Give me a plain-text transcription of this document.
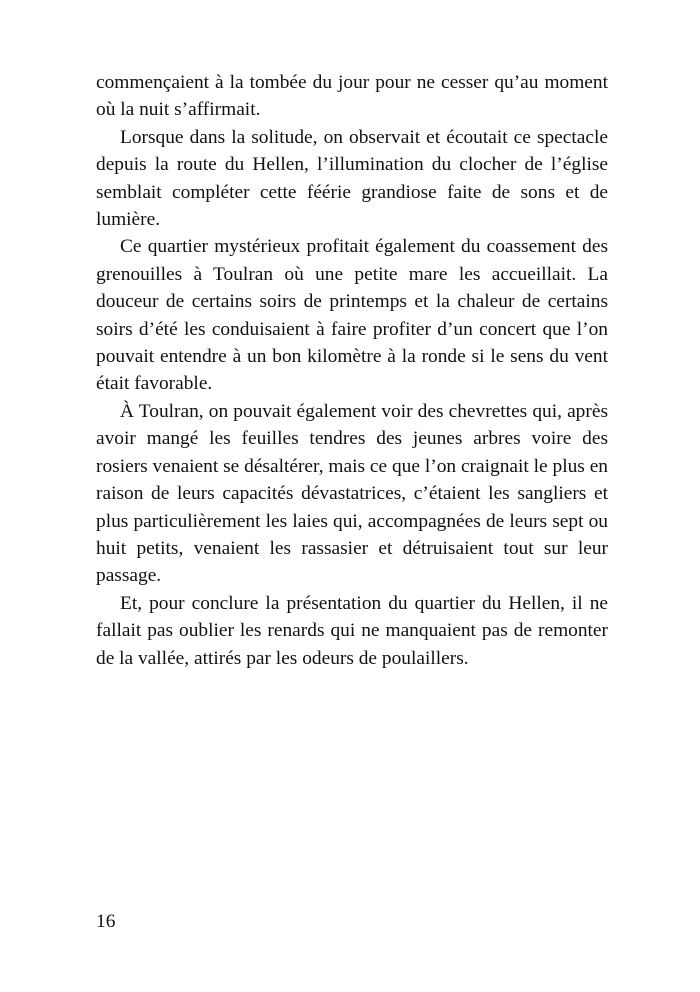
commençaient à la tombée du jour pour ne cesser qu’au moment où la nuit s’affirmait.

Lorsque dans la solitude, on observait et écoutait ce spectacle depuis la route du Hellen, l’illumination du clocher de l’église semblait compléter cette féérie grandiose faite de sons et de lumière.

Ce quartier mystérieux profitait également du coassement des grenouilles à Toulran où une petite mare les accueillait. La douceur de certains soirs de printemps et la chaleur de certains soirs d’été les conduisaient à faire profiter d’un concert que l’on pouvait entendre à un bon kilomètre à la ronde si le sens du vent était favorable.

À Toulran, on pouvait également voir des chevrettes qui, après avoir mangé les feuilles tendres des jeunes arbres voire des rosiers venaient se désaltérer, mais ce que l’on craignait le plus en raison de leurs capacités dévastatrices, c’étaient les sangliers et plus particulièrement les laies qui, accompagnées de leurs sept ou huit petits, venaient les rassasier et détruisaient tout sur leur passage.

Et, pour conclure la présentation du quartier du Hellen, il ne fallait pas oublier les renards qui ne manquaient pas de remonter de la vallée, attirés par les odeurs de poulaillers.

16
